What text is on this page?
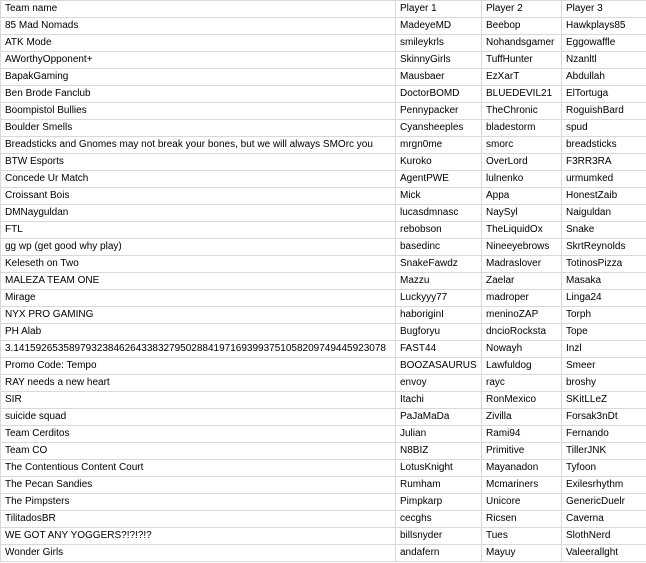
Team name	Player 1	Player 2	Player 3
85 Mad Nomads	MadeyeMD	Beebop	Hawkplays85
ATK Mode	smileykrls	Nohandsgamer	Eggowaffle
AWorthyOpponent+	SkinnyGirls	TuffHunter	Nzanltl
BapakGaming	Mausbaer	EzXarT	Abdullah
Ben Brode Fanclub	DoctorBOMD	BLUEDEVIL21	ElTortuga
Boompistol Bullies	Pennypacker	TheChronic	RoguishBard
Boulder Smells	Cyansheeples	bladestorm	spud
Breadsticks and Gnomes may not break your bones, but we will always SMOrc you	mrgn0me	smorc	breadsticks
BTW Esports	Kuroko	OverLord	F3RR3RA
Concede Ur Match	AgentPWE	lulnenko	urmumked
Croissant Bois	Mick	Appa	HonestZaib
DMNayguldan	lucasdmnasc	NaySyl	Naiguldan
FTL	rebobson	TheLiquidOx	Snake
gg wp (get good why play)	basedinc	Nineeyebrows	SkrtReynolds
Keleseth on Two	SnakeFawdz	Madraslover	TotinosPizza
MALEZA TEAM ONE	Mazzu	Zaelar	Masaka
Mirage	Luckyyy77	madroper	Linga24
NYX PRO GAMING	haboriginI	meninoZAP	Torph
PH Alab	Bugforyu	dncioRocksta	Tope
3.1415926535897932384626433832795028841971693993751058209749445923078	FAST44	Nowayh	Inzl
Promo Code: Tempo	BOOZASAURUS	Lawfuldog	Smeer
RAY needs a new heart	envoy	rayc	broshy
SIR	Itachi	RonMexico	SKitLLeZ
suicide squad	PaJaMaDa	Zivilla	Forsak3nDt
Team Cerditos	Julian	Rami94	Fernando
Team CO	N8BIZ	Primitive	TillerJNK
The Contentious Content Court	LotusKnight	Mayanadon	Tyfoon
The Pecan Sandies	Rumham	Mcmariners	Exilesrhythm
The Pimpsters	Pimpkarp	Unicore	GenericDuelr
TilitadosBR	cecghs	Ricsen	Caverna
WE GOT ANY YOGGERS?!?!?!?	billsnyder	Tues	SlothNerd
Wonder Girls	andafern	Mayuy	Valeerallght
